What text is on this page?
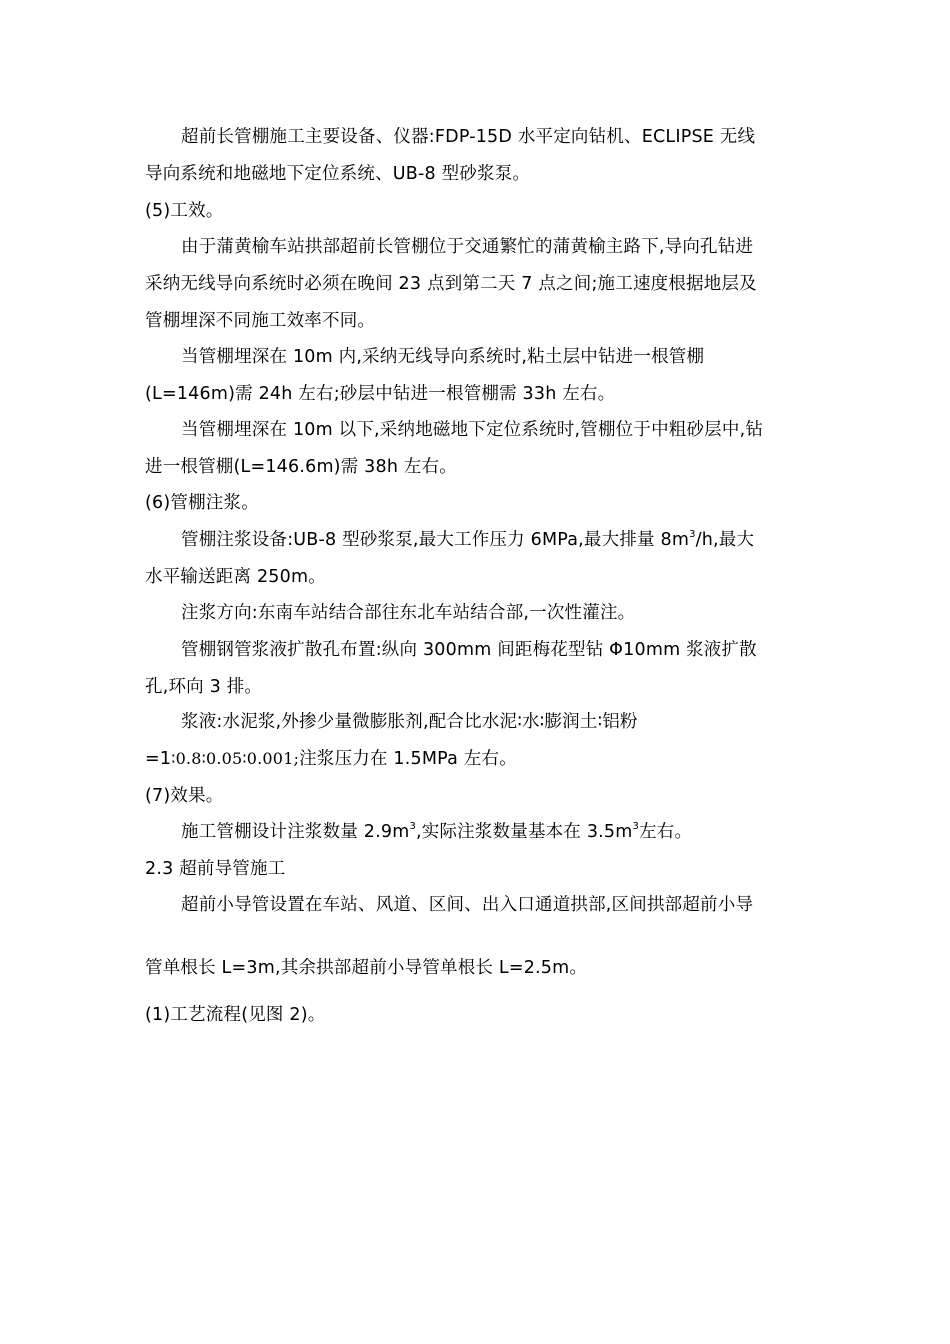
超前长管棚施工主要设备、仪器:FDP-15D 水平定向钻机、ECLIPSE 无线
导向系统和地磁地下定位系统、UB-8 型砂浆泵。
(5)工效。
由于蒲黄榆车站拱部超前长管棚位于交通繁忙的蒲黄榆主路下,导向孔钻进
采纳无线导向系统时必须在晚间 23 点到第二天 7 点之间;施工速度根据地层及
管棚埋深不同施工效率不同。
当管棚埋深在 10m 内,采纳无线导向系统时,粘土层中钻进一根管棚
(L=146m)需 24h 左右;砂层中钻进一根管棚需 33h 左右。
当管棚埋深在 10m 以下,采纳地磁地下定位系统时,管棚位于中粗砂层中,钻
进一根管棚(L=146.6m)需 38h 左右。
(6)管棚注浆。
管棚注浆设备:UB-8 型砂浆泵,最大工作压力 6MPa,最大排量 $8m^3/h$,最大
水平输送距离 250m。
注浆方向:东南车站结合部往东北车站结合部,一次性灌注。
管棚钢管浆液扩散孔布置:纵向 300mm 间距梅花型钻 Φ10mm 浆液扩散
孔,环向 3 排。
浆液:水泥浆,外掺少量微膨胀剂,配合比水泥∶水∶膨润土∶铝粉
=1∶0.8∶0.05∶0.001;注浆压力在 1.5MPa 左右。
(7)效果。
施工管棚设计注浆数量 $2.9m^3$,实际注浆数量基本在 $3.5m^3$左右。
2.3 超前导管施工
超前小导管设置在车站、风道、区间、出入口通道拱部,区间拱部超前小导
管单根长 L=3m,其余拱部超前小导管单根长 L=2.5m。
(1)工艺流程(见图 2)。
